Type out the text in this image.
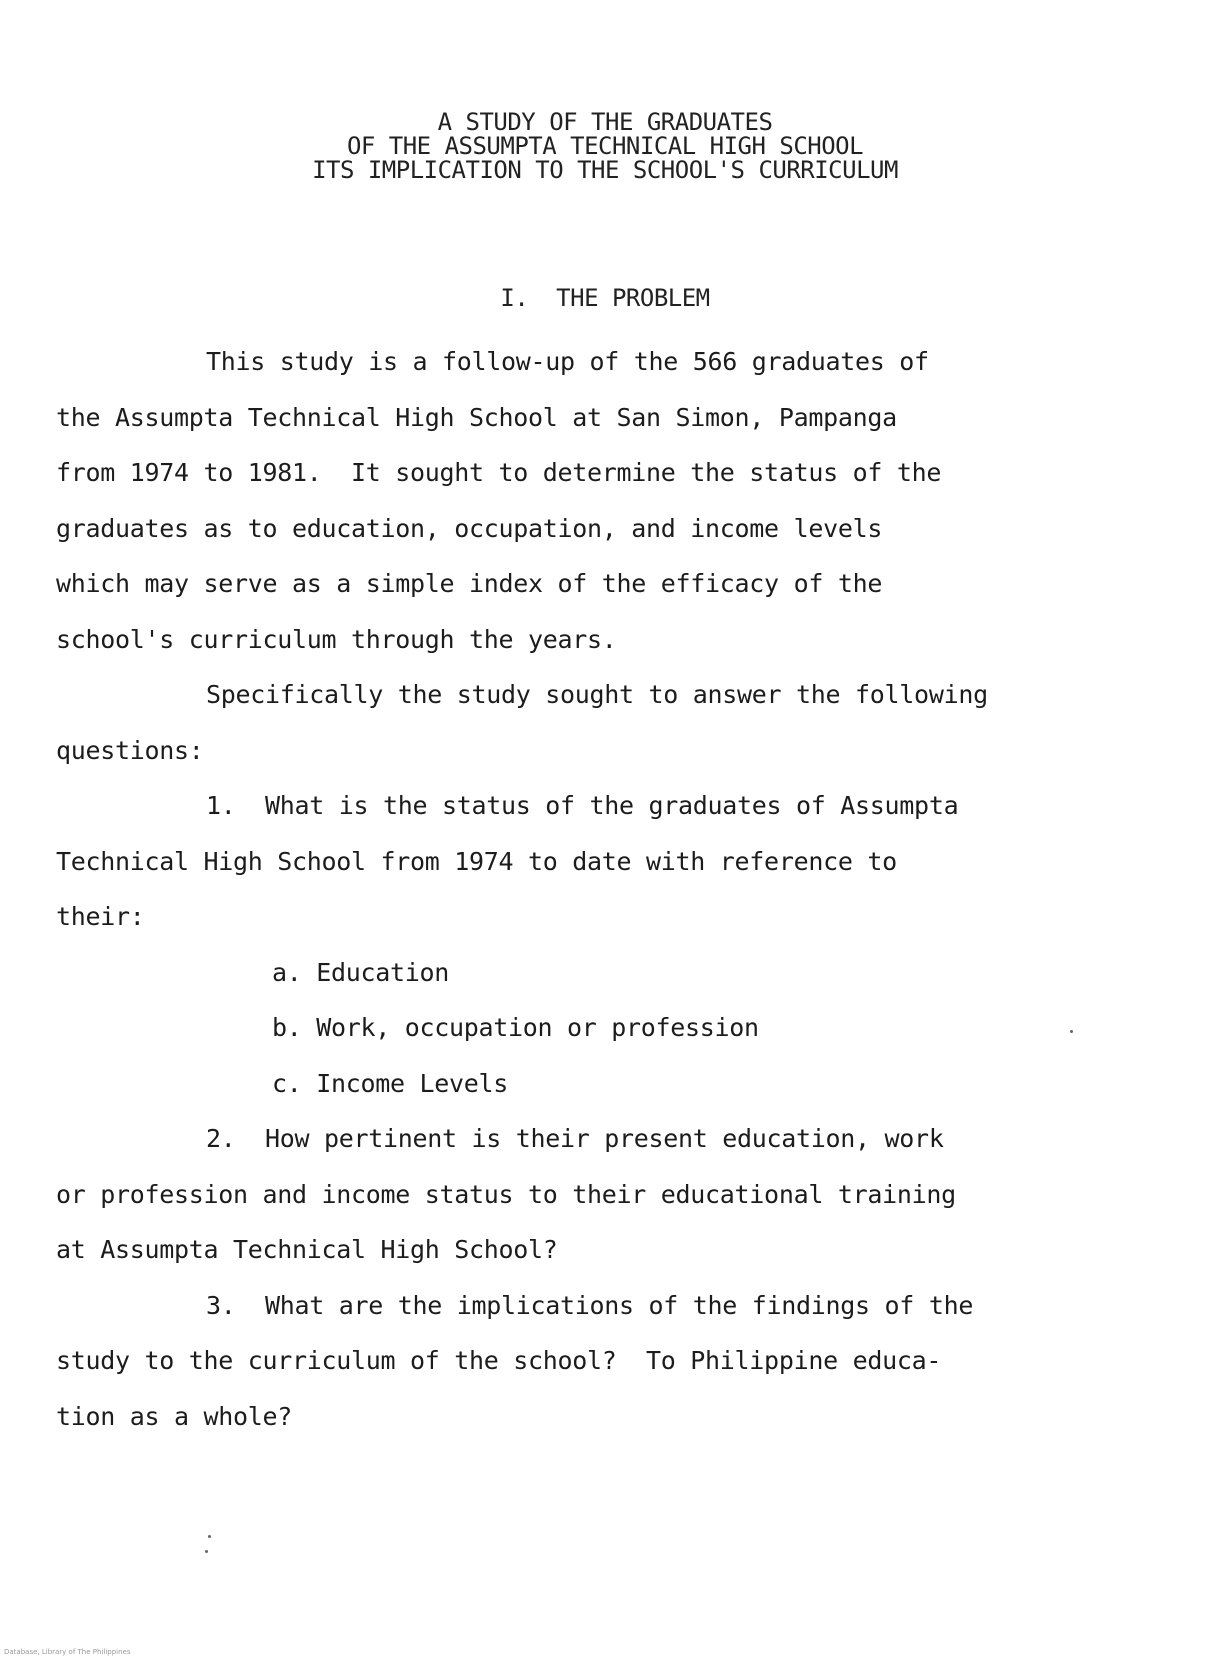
A STUDY OF THE GRADUATES
OF THE ASSUMPTA TECHNICAL HIGH SCHOOL
ITS IMPLICATION TO THE SCHOOL'S CURRICULUM
I.  THE PROBLEM
This study is a follow-up of the 566 graduates of
the Assumpta Technical High School at San Simon, Pampanga
from 1974 to 1981.  It sought to determine the status of the
graduates as to education, occupation, and income levels
which may serve as a simple index of the efficacy of the
school's curriculum through the years.
Specifically the study sought to answer the following
questions:
1.  What is the status of the graduates of Assumpta
Technical High School from 1974 to date with reference to
their:
a. Education
b. Work, occupation or profession
c. Income Levels
2.  How pertinent is their present education, work
or profession and income status to their educational training
at Assumpta Technical High School?
3.  What are the implications of the findings of the
study to the curriculum of the school?  To Philippine educa-
tion as a whole?
Database, Library of The Philippines
